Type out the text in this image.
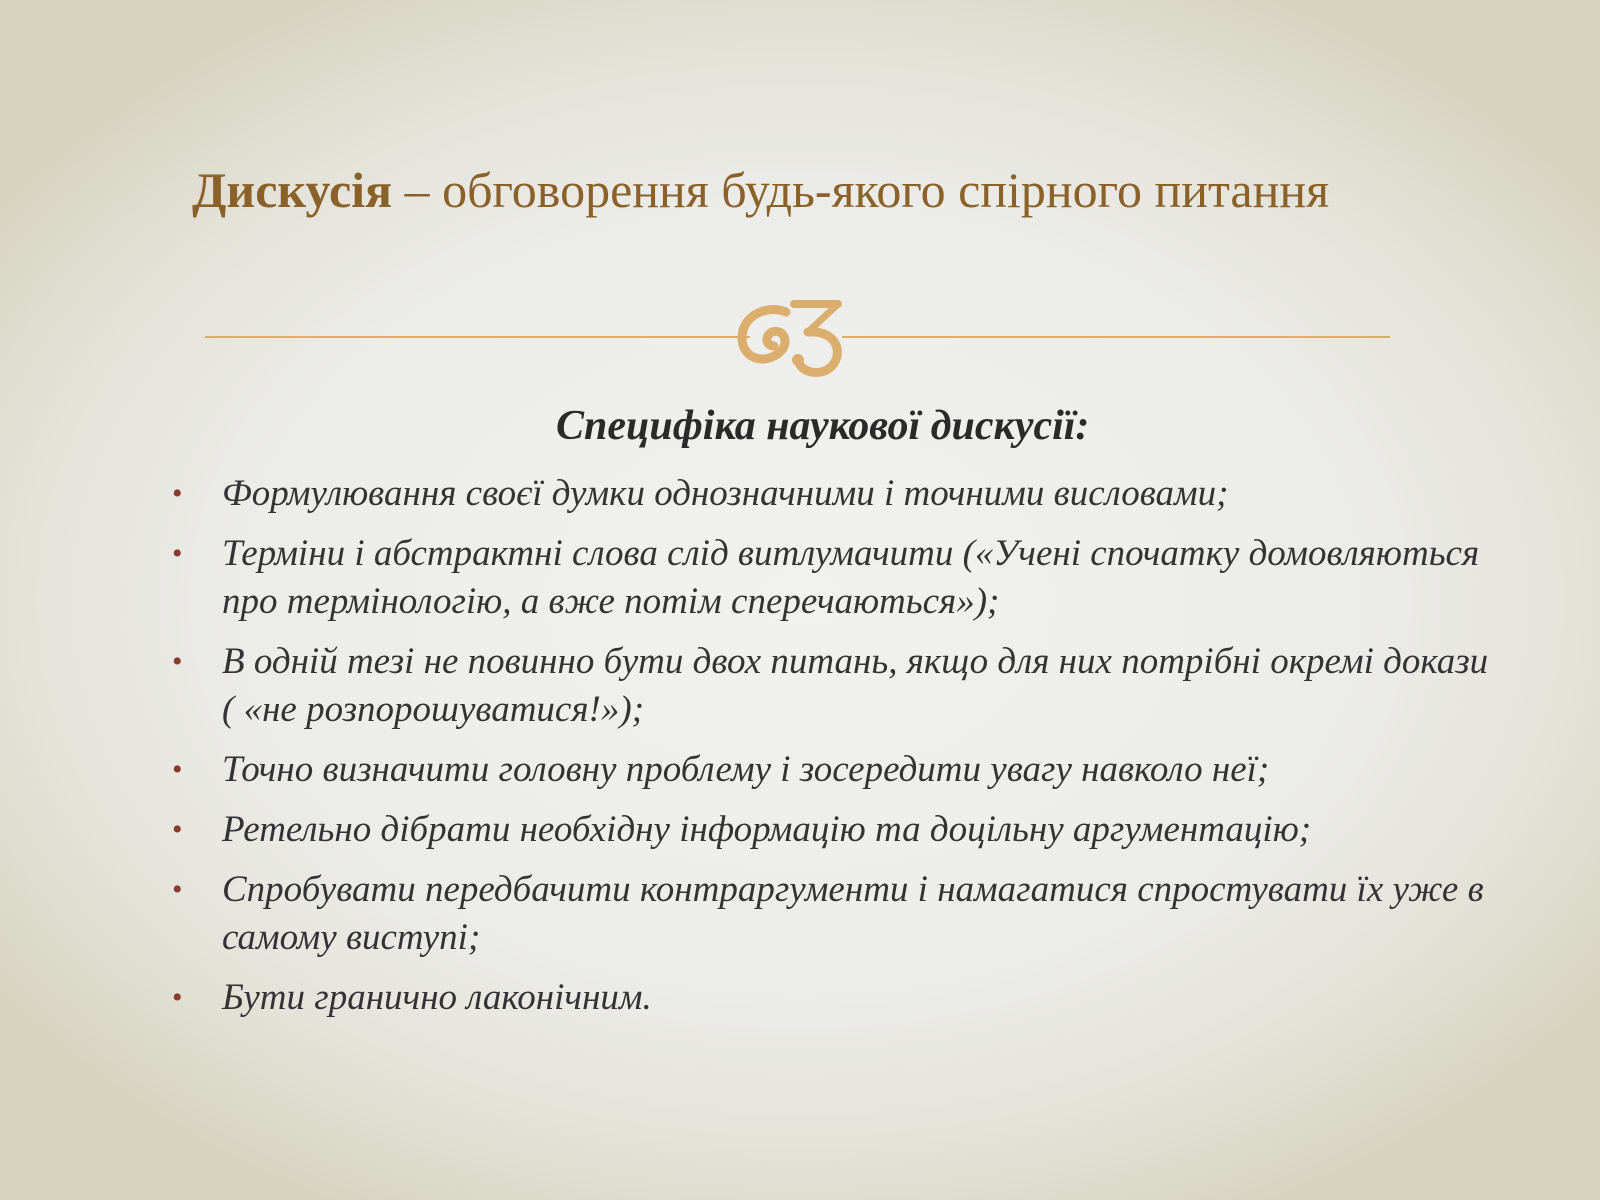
Дискусія – обговорення будь-якого спірного питання
Специфіка наукової дискусії:
• Формулювання своєї думки однозначними і точними висловами;
• Терміни і абстрактні слова слід витлумачити («Учені спочатку домовляються про термінологію, а вже потім сперечаються»);
• В одній тезі не повинно бути двох питань, якщо для них потрібні окремі докази ( «не розпорошуватися!»);
• Точно визначити головну проблему і зосередити увагу навколо неї;
• Ретельно дібрати необхідну інформацію та доцільну аргументацію;
• Спробувати передбачити контраргументи і намагатися спростувати їх уже в самому виступі;
• Бути гранично лаконічним.
